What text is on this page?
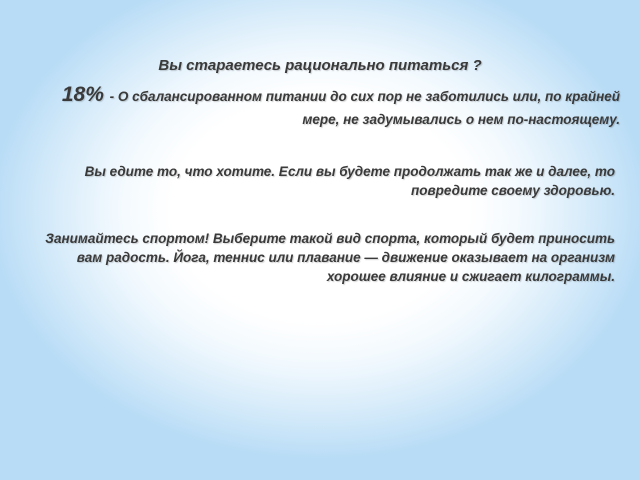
Вы стараетесь рационально питаться ?
18% - О сбалансированном питании до сих пор не заботились или, по крайней мере, не задумывались о нем по-настоящему.
Вы едите то, что хотите. Если вы будете продолжать так же и далее, то повредите своему здоровью.
Занимайтесь спортом! Выберите такой вид спорта, который будет приносить вам радость. Йога, теннис или плавание — движение оказывает на организм хорошее влияние и сжигает килограммы.
